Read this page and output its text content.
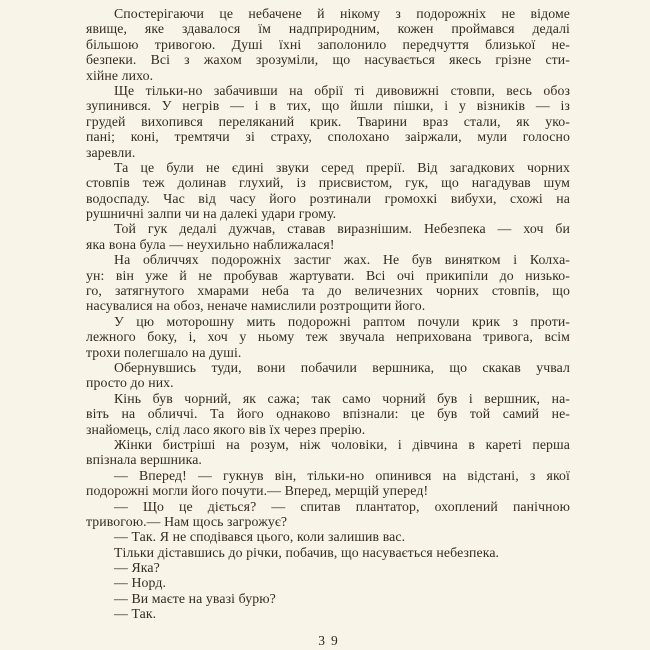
Спостерігаючи це небачене й нікому з подорожніх не відоме
явище, яке здавалося їм надприродним, кожен проймався дедалі
більшою тривогою. Душі їхні заполонило передчуття близької не-
безпеки. Всі з жахом зрозуміли, що насувається якесь грізне сти-
хійне лихо.
Ще тільки-но забачивши на обрії ті дивовижні стовпи, весь обоз
зупинився. У негрів — і в тих, що йшли пішки, і у візників — із
грудей вихопився переляканий крик. Тварини враз стали, як уко-
пані; коні, тремтячи зі страху, сполохано заіржали, мули голосно
заревли.
Та це були не єдині звуки серед прерії. Від загадкових чорних
стовпів теж долинав глухий, із присвистом, гук, що нагадував шум
водоспаду. Час від часу його розтинали громохкі вибухи, схожі на
рушничні залпи чи на далекі удари грому.
Той гук дедалі дужчав, ставав виразнішим. Небезпека — хоч би
яка вона була — неухильно наближалася!
На обличчях подорожніх застиг жах. Не був винятком і Колха-
ун: він уже й не пробував жартувати. Всі очі прикипіли до низько-
го, затягнутого хмарами неба та до величезних чорних стовпів, що
насувалися на обоз, неначе намислили розтрощити його.
У цю моторошну мить подорожні раптом почули крик з проти-
лежного боку, і, хоч у ньому теж звучала неприхована тривога, всім
трохи полегшало на душі.
Обернувшись туди, вони побачили вершника, що скакав учвал
просто до них.
Кінь був чорний, як сажа; так само чорний був і вершник, на-
віть на обличчі. Та його однаково впізнали: це був той самий не-
знайомець, слід ласо якого вів їх через прерію.
Жінки бистріші на розум, ніж чоловіки, і дівчина в кареті перша
впізнала вершника.
— Вперед! — гукнув він, тільки-но опинився на відстані, з якої
подорожні могли його почути.— Вперед, мерщій уперед!
— Що це діється? — спитав плантатор, охоплений панічною
тривогою.— Нам щось загрожує?
— Так. Я не сподівався цього, коли залишив вас.
Тільки діставшись до річки, побачив, що насувається небезпека.
— Яка?
— Норд.
— Ви маєте на увазі бурю?
— Так.
39
